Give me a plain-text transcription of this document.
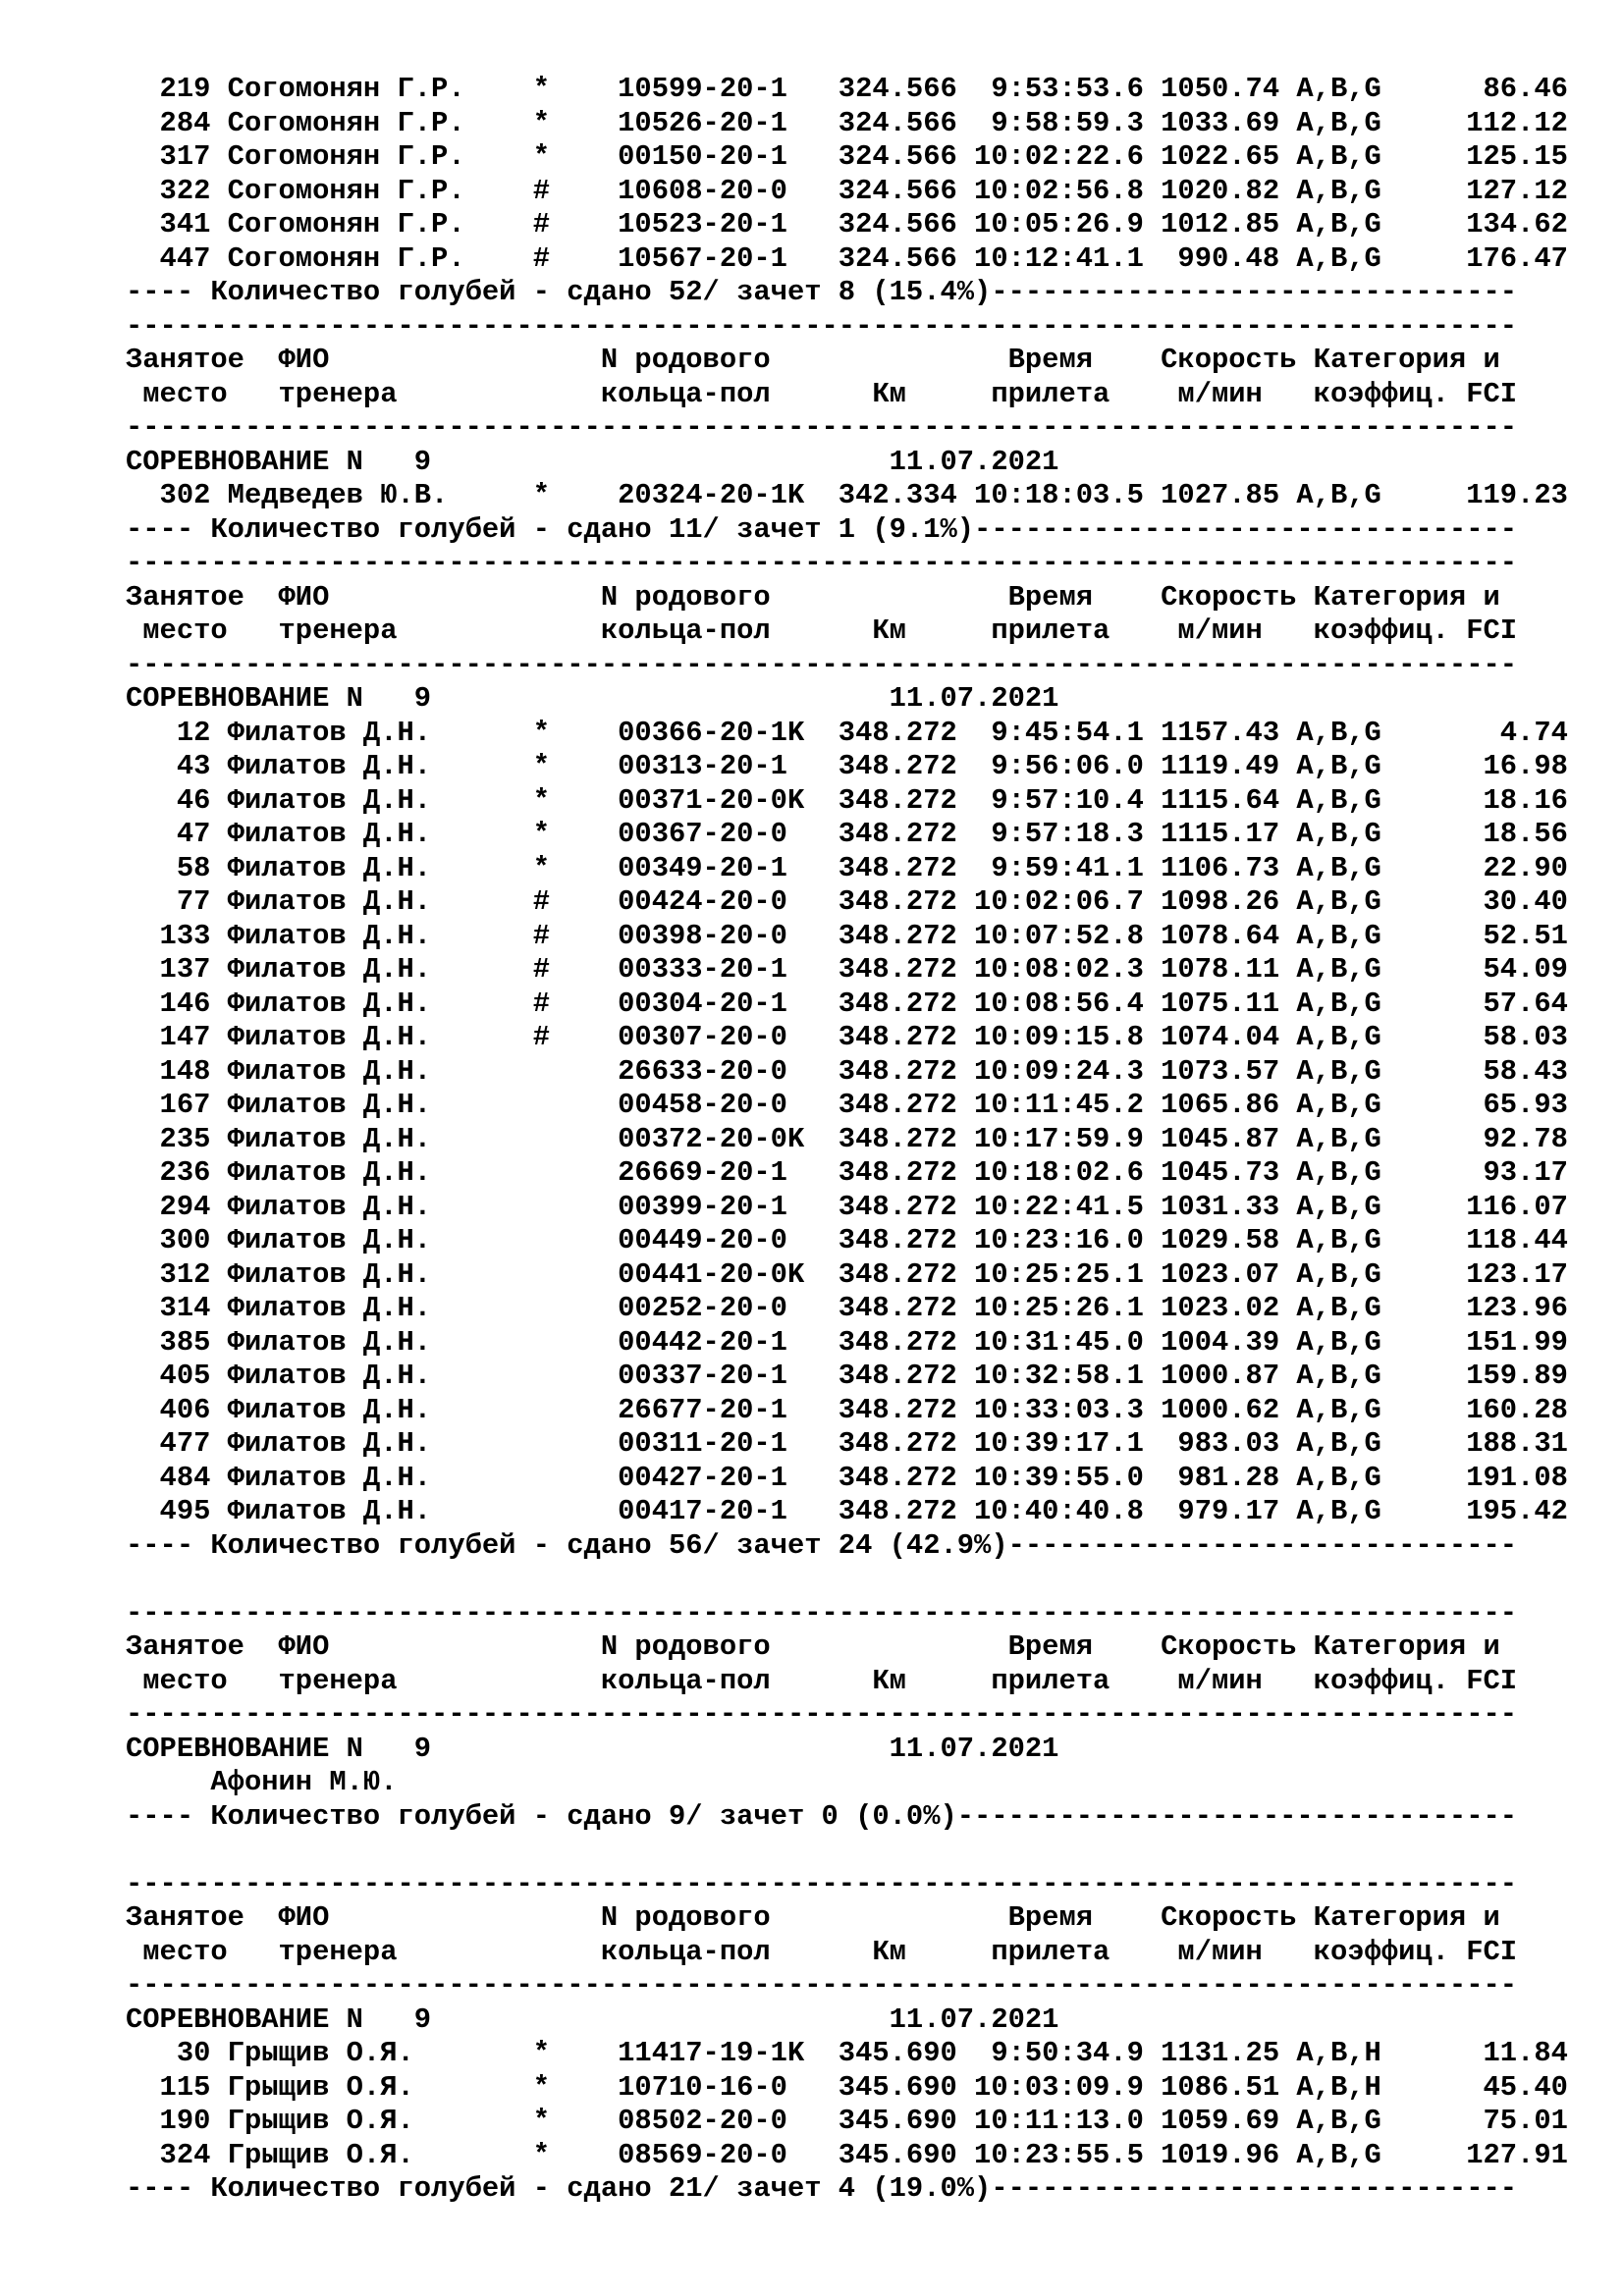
219 Согомонян Г.Р.    *    10599-20-1   324.566  9:53:53.6 1050.74 A,B,G      86.46
284 Согомонян Г.Р.    *    10526-20-1   324.566  9:58:59.3 1033.69 A,B,G     112.12
317 Согомонян Г.Р.    *    00150-20-1   324.566 10:02:22.6 1022.65 A,B,G     125.15
322 Согомонян Г.Р.    #    10608-20-0   324.566 10:02:56.8 1020.82 A,B,G     127.12
341 Согомонян Г.Р.    #    10523-20-1   324.566 10:05:26.9 1012.85 A,B,G     134.62
447 Согомонян Г.Р.    #    10567-20-1   324.566 10:12:41.1  990.48 A,B,G     176.47
---- Количество голубей - сдано 52/ зачет 8 (15.4%)-------------------------------
----------------------------------------------------------------------------------
Занятое  ФИО                N родового              Время    Скорость Категория и
место   тренера            кольца-пол      Км     прилета    м/мин   коэффиц. FCI
----------------------------------------------------------------------------------
СОРЕВНОВАНИЕ N   9                           11.07.2021
302 Медведев Ю.В.     *    20324-20-1K  342.334 10:18:03.5 1027.85 A,B,G     119.23
---- Количество голубей - сдано 11/ зачет 1 (9.1%)--------------------------------
----------------------------------------------------------------------------------
Занятое  ФИО                N родового              Время    Скорость Категория и
место   тренера            кольца-пол      Км     прилета    м/мин   коэффиц. FCI
----------------------------------------------------------------------------------
СОРЕВНОВАНИЕ N   9                           11.07.2021
12 Филатов Д.Н.      *    00366-20-1K  348.272  9:45:54.1 1157.43 A,B,G       4.74
43 Филатов Д.Н.      *    00313-20-1   348.272  9:56:06.0 1119.49 A,B,G      16.98
46 Филатов Д.Н.      *    00371-20-0K  348.272  9:57:10.4 1115.64 A,B,G      18.16
47 Филатов Д.Н.      *    00367-20-0   348.272  9:57:18.3 1115.17 A,B,G      18.56
58 Филатов Д.Н.      *    00349-20-1   348.272  9:59:41.1 1106.73 A,B,G      22.90
77 Филатов Д.Н.      #    00424-20-0   348.272 10:02:06.7 1098.26 A,B,G      30.40
133 Филатов Д.Н.      #    00398-20-0   348.272 10:07:52.8 1078.64 A,B,G      52.51
137 Филатов Д.Н.      #    00333-20-1   348.272 10:08:02.3 1078.11 A,B,G      54.09
146 Филатов Д.Н.      #    00304-20-1   348.272 10:08:56.4 1075.11 A,B,G      57.64
147 Филатов Д.Н.      #    00307-20-0   348.272 10:09:15.8 1074.04 A,B,G      58.03
148 Филатов Д.Н.           26633-20-0   348.272 10:09:24.3 1073.57 A,B,G      58.43
167 Филатов Д.Н.           00458-20-0   348.272 10:11:45.2 1065.86 A,B,G      65.93
235 Филатов Д.Н.           00372-20-0K  348.272 10:17:59.9 1045.87 A,B,G      92.78
236 Филатов Д.Н.           26669-20-1   348.272 10:18:02.6 1045.73 A,B,G      93.17
294 Филатов Д.Н.           00399-20-1   348.272 10:22:41.5 1031.33 A,B,G     116.07
300 Филатов Д.Н.           00449-20-0   348.272 10:23:16.0 1029.58 A,B,G     118.44
312 Филатов Д.Н.           00441-20-0K  348.272 10:25:25.1 1023.07 A,B,G     123.17
314 Филатов Д.Н.           00252-20-0   348.272 10:25:26.1 1023.02 A,B,G     123.96
385 Филатов Д.Н.           00442-20-1   348.272 10:31:45.0 1004.39 A,B,G     151.99
405 Филатов Д.Н.           00337-20-1   348.272 10:32:58.1 1000.87 A,B,G     159.89
406 Филатов Д.Н.           26677-20-1   348.272 10:33:03.3 1000.62 A,B,G     160.28
477 Филатов Д.Н.           00311-20-1   348.272 10:39:17.1  983.03 A,B,G     188.31
484 Филатов Д.Н.           00427-20-1   348.272 10:39:55.0  981.28 A,B,G     191.08
495 Филатов Д.Н.           00417-20-1   348.272 10:40:40.8  979.17 A,B,G     195.42
---- Количество голубей - сдано 56/ зачет 24 (42.9%)------------------------------
----------------------------------------------------------------------------------
Занятое  ФИО                N родового              Время    Скорость Категория и
место   тренера            кольца-пол      Км     прилета    м/мин   коэффиц. FCI
----------------------------------------------------------------------------------
СОРЕВНОВАНИЕ N   9                           11.07.2021
Афонин М.Ю.
---- Количество голубей - сдано 9/ зачет 0 (0.0%)---------------------------------
----------------------------------------------------------------------------------
Занятое  ФИО                N родового              Время    Скорость Категория и
место   тренера            кольца-пол      Км     прилета    м/мин   коэффиц. FCI
----------------------------------------------------------------------------------
СОРЕВНОВАНИЕ N   9                           11.07.2021
30 Грыщив О.Я.       *    11417-19-1K  345.690  9:50:34.9 1131.25 A,B,H      11.84
115 Грыщив О.Я.       *    10710-16-0   345.690 10:03:09.9 1086.51 A,B,H      45.40
190 Грыщив О.Я.       *    08502-20-0   345.690 10:11:13.0 1059.69 A,B,G      75.01
324 Грыщив О.Я.       *    08569-20-0   345.690 10:23:55.5 1019.96 A,B,G     127.91
---- Количество голубей - сдано 21/ зачет 4 (19.0%)-------------------------------
